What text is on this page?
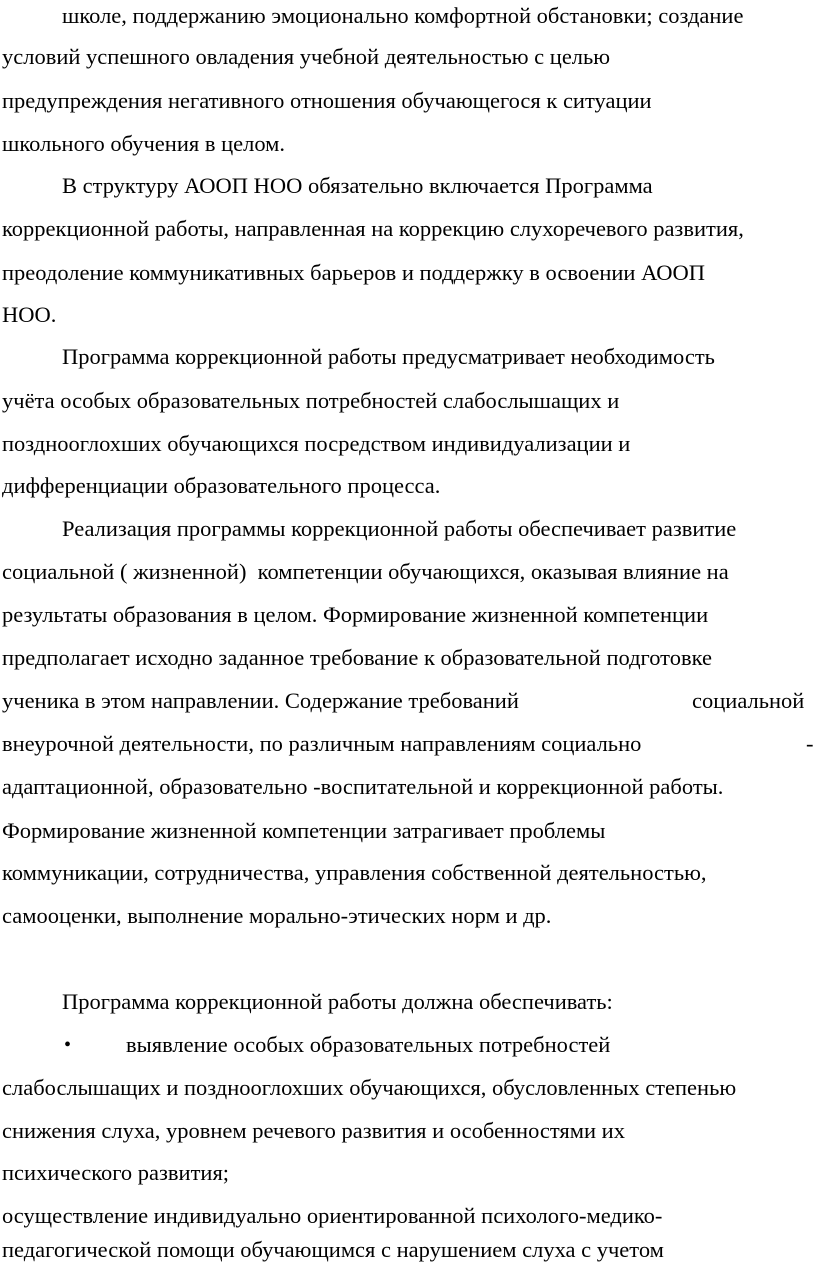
школе, поддержанию эмоционально комфортной обстановки; создание

условий успешного овладения учебной деятельностью с целью

предупреждения негативного отношения обучающегося к ситуации

школьного обучения в целом.

В структуру АООП НОО обязательно включается Программа

коррекционной работы, направленная на коррекцию слухоречевого развития,

преодоление коммуникативных барьеров и поддержку в освоении АООП

НОО.

Программа коррекционной работы предусматривает необходимость

учёта особых образовательных потребностей слабослышащих и

позднооглохших обучающихся посредством индивидуализации и

дифференциации образовательного процесса.

Реализация программы коррекционной работы обеспечивает развитие

социальной ( жизненной)  компетенции обучающихся, оказывая влияние на

результаты образования в целом. Формирование жизненной компетенции

предполагает исходно заданное требование к образовательной подготовке

ученика в этом направлении. Содержание требований	социальной

внеурочной деятельности, по различным направлениям социально	-

адаптационной, образовательно -воспитательной и коррекционной работы.

Формирование жизненной компетенции затрагивает проблемы

коммуникации, сотрудничества, управления собственной деятельностью,

самооценки, выполнение морально-этических норм и др.

Программа коррекционной работы должна обеспечивать:

• выявление особых образовательных потребностей

слабослышащих и позднооглохших обучающихся, обусловленных степенью

снижения слуха, уровнем речевого развития и особенностями их

психического развития;

осуществление индивидуально ориентированной психолого-медико-

педагогической помощи обучающимся с нарушением слуха с учетом
